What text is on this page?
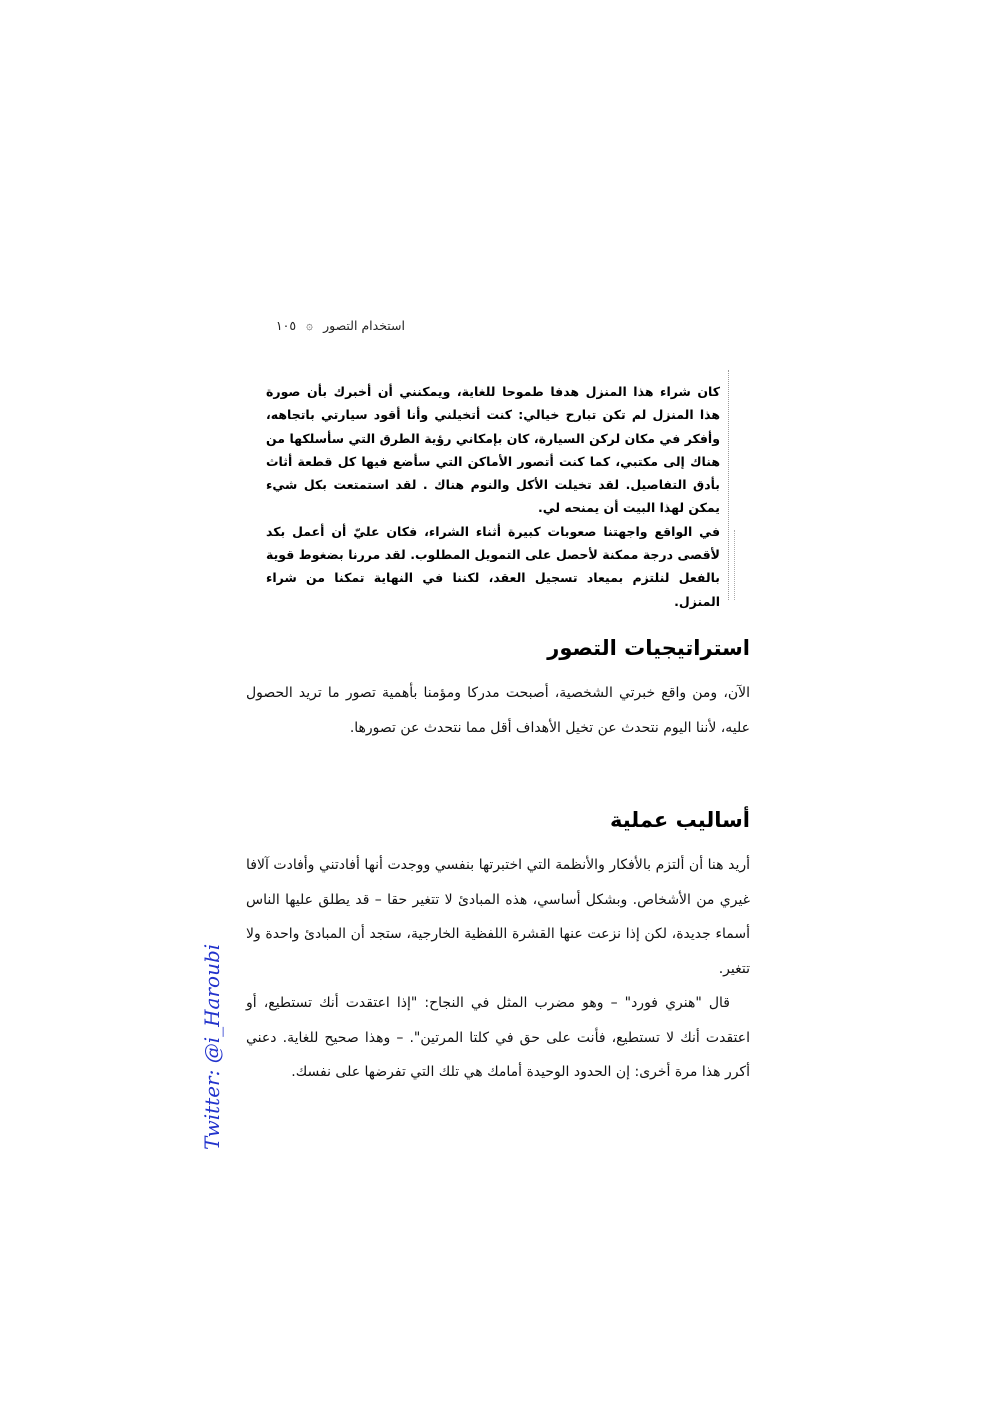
استخدام التصور
۞
١٠٥

كان شراء هذا المنزل هدفا طموحا للغاية، ويمكنني أن أخبرك بأن صورة هذا المنزل لم تكن تبارح خيالي: كنت أتخيلني وأنا أقود سيارتي باتجاهه، وأفكر في مكان لركن السيارة، كان بإمكاني رؤية الطرق التي سأسلكها من هناك إلى مكتبي، كما كنت أتصور الأماكن التي سأضع فيها كل قطعة أثاث بأدق التفاصيل. لقد تخيلت الأكل والنوم هناك . لقد استمتعت بكل شيء يمكن لهذا البيت أن يمنحه لي.

في الواقع واجهتنا صعوبات كبيرة أثناء الشراء، فكان عليّ أن أعمل بكد لأقصى درجة ممكنة لأحصل على التمويل المطلوب. لقد مررنا بضغوط قوية بالفعل لنلتزم بميعاد تسجيل العقد، لكننا في النهاية تمكنا من شراء المنزل.

استراتيجيات التصور

الآن، ومن واقع خبرتي الشخصية، أصبحت مدركا ومؤمنا بأهمية تصور ما تريد الحصول عليه، لأننا اليوم نتحدث عن تخيل الأهداف أقل مما نتحدث عن تصورها.

أساليب عملية

أريد هنا أن ألتزم بالأفكار والأنظمة التي اختبرتها بنفسي ووجدت أنها أفادتني وأفادت آلافا غيري من الأشخاص. وبشكل أساسي، هذه المبادئ لا تتغير حقا – قد يطلق عليها الناس أسماء جديدة، لكن إذا نزعت عنها القشرة اللفظية الخارجية، ستجد أن المبادئ واحدة ولا تتغير.

قال "هنري فورد" – وهو مضرب المثل في النجاح: "إذا اعتقدت أنك تستطيع، أو اعتقدت أنك لا تستطيع، فأنت على حق في كلتا المرتين". – وهذا صحيح للغاية. دعني أكرر هذا مرة أخرى: إن الحدود الوحيدة أمامك هي تلك التي تفرضها على نفسك.

Twitter: @i_Haroubi
